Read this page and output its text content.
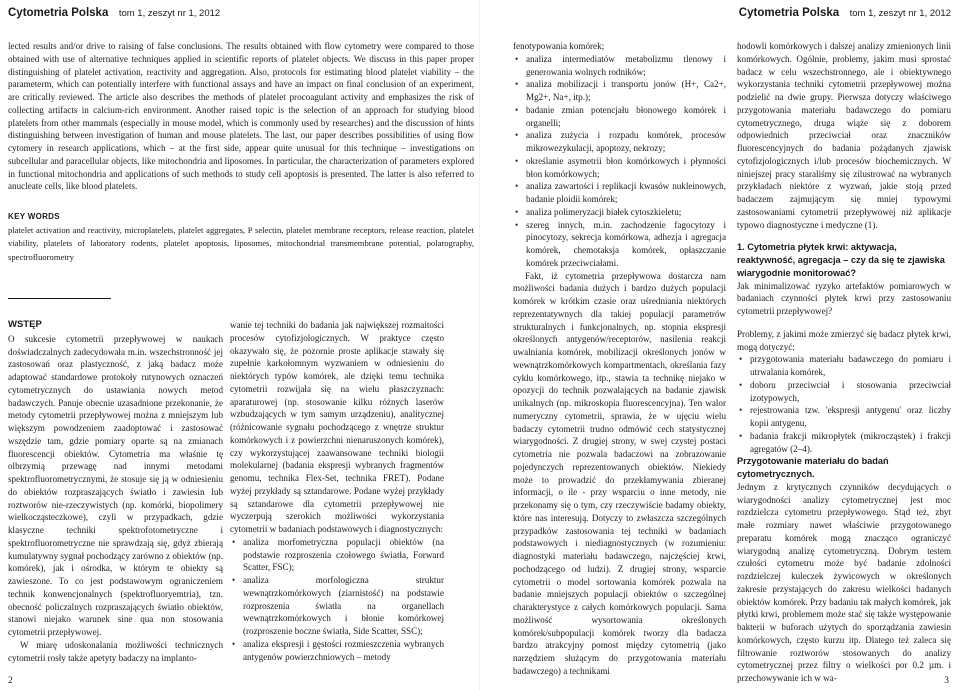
Cytometria Polska tom 1, zeszyt nr 1, 2012

lected results and/or drive to raising of false conclusions. The results obtained with flow cytometry were compared to those obtained with use of alternative techniques applied in scientific reports of platelet objects. We discuss in this paper proper distinguishing of platelet activation, reactivity and aggregation. Also, protocols for estimating blood platelet viability – the parameterm, which can potentially interfere with functional assays and have an impact on final conclusion of an experiment, are critically reviewed. The article also describes the methods of platelet procoagulant activity and emphasizes the risk of collecting artifacts in calcium-rich environment. Another raised topic is the selection of an approach for studying blood platelets from other mammals (especially in mouse model, which is commonly used by researches) and the discussion of hints distinguishing between investigation of human and mouse platelets. The last, our paper describes possibilities of using flow cytomery in research applications, which – at the first side, appear quite unusual for this technique – investigations on subcellular and paracellular objects, like mitochondria and liposomes. In particular, the characterization of parameters explored in functional mitochondria and applications of such methods to study cell apoptosis is presented. The latter is also referred to anucleate cells, like blood platelets.

KEY WORDS
platelet activation and reactivity, microplatelets, platelet aggregates, P selectin, platelet membrane receptors, release reaction, platelet viability, platelets of laboratory rodents, platelet apoptosis, liposomes, mitochondrial transmembrane potential, polarography, spectrofluorometry
WSTĘP

O sukcesie cytometrii przepływowej w naukach doświadczalnych zadecydowała m.in. wszechstronność jej zastosowań oraz plastyczność, z jaką badacz może adaptować standardowe protokoły rutynowych oznaczeń cytometrycznych do ustawiania nowych metod badawczych. Panuje obecnie uzasadnione przekonanie, że metody cytometrii przepływowej można z mniejszym lub większym powodzeniem zaadoptować i zastosować wszędzie tam, gdzie pomiary oparte są na zmianach fluorescencji obiektów. Cytometria ma właśnie tę olbrzymią przewagę nad innymi metodami spektrofluorometrycznymi, że stosuje się ją w odniesieniu do obiektów rozpraszających światło i zawiesin lub roztworów nie-rzeczywistych (np. komórki, biopolimery wielkocząsteczkowe), czyli w przypadkach, gdzie klasyczne techniki spektrofotometryczne i spektrofluorometryczne nie sprawdzają się, gdyż zbierają kumulatywny sygnał pochodzący zarówno z obiektów (np. komórek), jak i ośrodka, w którym te obiekty są zawieszone. To co jest podstawowym ograniczeniem technik konwencjonalnych (spektrofluoryemtria), tzn. obecność policzalnych rozpraszających światło obiektów, stanowi niejako warunek sine qua non stosowania cytometrii przepływowej.

W miarę udoskonalania możliwości technicznych cytometrii rosły także apetyty badaczy na implanto-

wanie tej techniki do badania jak największej rozmaitości procesów cytofizjologicznych. W praktyce często okazywało się, że pozornie proste aplikacje stawały się zupełnie karkołomnym wyzwaniem w odniesieniu do niektórych typów komórek, ale dzięki temu technika cytometrii rozwijała się na wielu płaszczyznach: aparaturowej (np. stosowanie kilku różnych laserów wzbudzających w tym samym urządzeniu), analitycznej (różnicowanie sygnału pochodzącego z wnętrze struktur komórkowych i z powierzchni nienaruszonych komórek), czy wykorzystującej zaawansowane techniki biologii molekularnej (badania ekspresji wybranych fragmentów genomu, technika Flex-Set, technika FRET). Podane wyżej przykłady są sztandarowe. Podane wyżej przykłady są sztandarowe dla cytometrii przepływowej nie wyczerpują szerokich możliwości wykorzystania cytometrii w badaniach podstawowych i diagnostycznych:

• analiza morfometryczna populacji obiektów (na podstawie rozproszenia czołowego światła, Forward Scatter, FSC);
• analiza morfologiczna struktur wewnątrzkomórkowych (ziarnistość) na podstawie rozproszenia światła na organellach wewnątrzkomórkowych i błonie komórkowej (rozproszenie boczne światła, Side Scatter, SSC);
• analiza ekspresji i gęstości rozmieszczenia wybranych antygenów powierzchniowych – metody
2
Cytometria Polska tom 1, zeszyt nr 1, 2012

fenotypowania komórek;

• analiza intermediatów metabolizmu tlenowy i generowania wolnych rodników;
• analiza mobilizacji i transportu jonów (H+, Ca2+, Mg2+, Na+, itp.);
• badanie zmian potencjału błonowego komórek i organelli;
• analiza zużycia i rozpadu komórek, procesów mikrowezykulacji, apoptozy, nekrozy;
• określanie asymetrii błon komórkowych i płynności błon komórkowych;
• analiza zawartości i replikacji kwasów nukleinowych, badanie ploidii komórek;
• analiza polimeryzacji białek cytoszkieletu;
• szereg innych, m.in. zachodzenie fagocytozy i pinocytozy, sekrecja komórkowa, adhezja i agregacja komórek, chemotaksja komórek, opłaszczanie komórek przeciwciałami.

Fakt, iż cytometria przepływowa dostarcza nam możliwości badania dużych i bardzo dużych populacji komórek w krótkim czasie oraz uśredniania niektórych reprezentatywnych dla takiej populacji parametrów strukturalnych i funkcjonalnych, np. stopnia ekspresji określonych antygenów/receptorów, nasilenia reakcji uwalniania komórek, mobilizacji określonych jonów w wewnątrzkomórkowych kompartmentach, określania fazy cyklu komórkowego, itp., stawia ta technikę niejako w opozycji do technik pozwalających na badanie zjawisk unikalnych (np. mikroskopia fluorescencyjna). Ten walor numeryczny cytometrii, sprawia, że w ujęciu wielu badaczy cytometrii trudno odmówić cech statystycznej wiarygodności. Z drugiej strony, w swej czystej postaci cytometria nie pozwala badaczowi na zobrazowanie pojedynczych reprezentowanych obiektów. Niekiedy może to prowadzić do przekłamywania zbieranej informacji, o ile - przy wsparciu o inne metody, nie przekonamy się o tym, czy rzeczywiście badamy obiekty, które nas interesują. Dotyczy to zwłaszcza szczególnych przypadków zastosowania tej techniki w badaniach podstawowych i niediagnostycznych (w rozumieniu: diagnostyki materiału badawczego, najczęściej krwi, pochodzącego od ludzi). Z drugiej strony, wsparcie cytometrii o model sortowania komórek pozwala na badanie mniejszych populacji obiektów o szczególnej charakterystyce z całych komórkowych populacji. Sama możliwość wysortowania określonych komórek/subpopulacji komórek tworzy dla badacza bardzo atrakcyjny pomost między cytometrią (jako narzędziem służącym do przygotowania materiału badawczego) a technikami

hodowli komórkowych i dalszej analizy zmienionych linii komórkowych. Ogólnie, problemy, jakim musi sprostać badacz w celu wszechstronnego, ale i obiektywnego wykorzystania techniki cytometrii przepływowej można podzielić na dwie grupy. Pierwsza dotyczy właściwego przygotowania materiału badawczego do pomiaru cytometrycznego, druga wiąże się z doborem odpowiednich przeciwciał oraz znaczników fluorescencyjnych do badania pożądanych zjawisk cytofizjologicznych i/lub procesów biochemicznych. W niniejszej pracy staraliśmy się zilustrować na wybranych przykładach niektóre z wyzwań, jakie stoją przed badaczem zajmującym się mniej typowymi zastosowaniami cytometrii przepływowej niż aplikacje typowo diagnostyczne i medyczne (1).

1. Cytometria płytek krwi: aktywacja, reaktywność, agregacja – czy da się te zjawiska wiarygodnie monitorować?

Jak minimalizować ryzyko artefaktów pomiarowych w badaniach czynności płytek krwi przy zastosowaniu cytometrii przepływowej?

Problemy, z jakimi może zmierzyć się badacz płytek krwi, mogą dotyczyć:

• przygotowania materiału badawczego do pomiaru i utrwalania komórek,
• doboru przeciwciał i stosowania przeciwciał izotypowych,
• rejestrowania tzw. 'ekspresji antygenu' oraz liczby kopii antygenu,
• badania frakcji mikropłytek (mikrocząstek) i frakcji agregatów (2–4).

Przygotowanie materiału do badań cytometrycznych.

Jednym z krytycznych czynników decydujących o wiarygodności analizy cytometrycznej jest moc rozdzielcza cytometru przepływowego. Stąd też, zbyt małe rozmiary nawet właściwie przygotowanego preparatu komórek mogą znacząco ograniczyć wiarygodną analizę cytometryczną. Dobrym testem czułości cytometru może być badanie zdolności rozdzielczej kuleczek żywicowych w określonych zakresie przystających do zakresu wielkości badanych obiektów komórek. Przy badaniu tak małych komórek, jak płytki krwi, problemem może stać się także występowanie bakterii w buforach użytych do sporządzania zawiesin komórkowych, często kurzu itp. Dlatego też zaleca się filtrowanie roztworów stosowanych do analizy cytometrycznej przez filtry o wielkości por 0.2 µm. i przechowywanie ich w wa-	3
